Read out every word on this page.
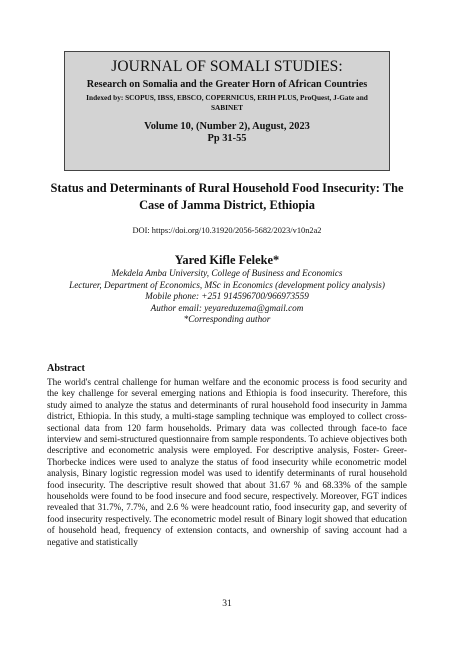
JOURNAL OF SOMALI STUDIES:
Research on Somalia and the Greater Horn of African Countries
Indexed by: SCOPUS, IBSS, EBSCO, COPERNICUS, ERIH PLUS, ProQuest, J-Gate and SABINET
Volume 10, (Number 2), August, 2023
Pp 31-55
Status and Determinants of Rural Household Food Insecurity: The Case of Jamma District, Ethiopia
DOI: https://doi.org/10.31920/2056-5682/2023/v10n2a2
Yared Kifle Feleke*
Mekdela Amba University, College of Business and Economics
Lecturer, Department of Economics, MSc in Economics (development policy analysis)
Mobile phone: +251 914596700/966973559
Author email: yeyareduzema@gmail.com
*Corresponding author
Abstract

The world's central challenge for human welfare and the economic process is food security and the key challenge for several emerging nations and Ethiopia is food insecurity. Therefore, this study aimed to analyze the status and determinants of rural household food insecurity in Jamma district, Ethiopia. In this study, a multi-stage sampling technique was employed to collect cross-sectional data from 120 farm households. Primary data was collected through face-to face interview and semi-structured questionnaire from sample respondents. To achieve objectives both descriptive and econometric analysis were employed. For descriptive analysis, Foster- Greer- Thorbecke indices were used to analyze the status of food insecurity while econometric model analysis, Binary logistic regression model was used to identify determinants of rural household food insecurity. The descriptive result showed that about 31.67 % and 68.33% of the sample households were found to be food insecure and food secure, respectively. Moreover, FGT indices revealed that 31.7%, 7.7%, and 2.6 % were headcount ratio, food insecurity gap, and severity of food insecurity respectively. The econometric model result of Binary logit showed that education of household head, frequency of extension contacts, and ownership of saving account had a negative and statistically

31
